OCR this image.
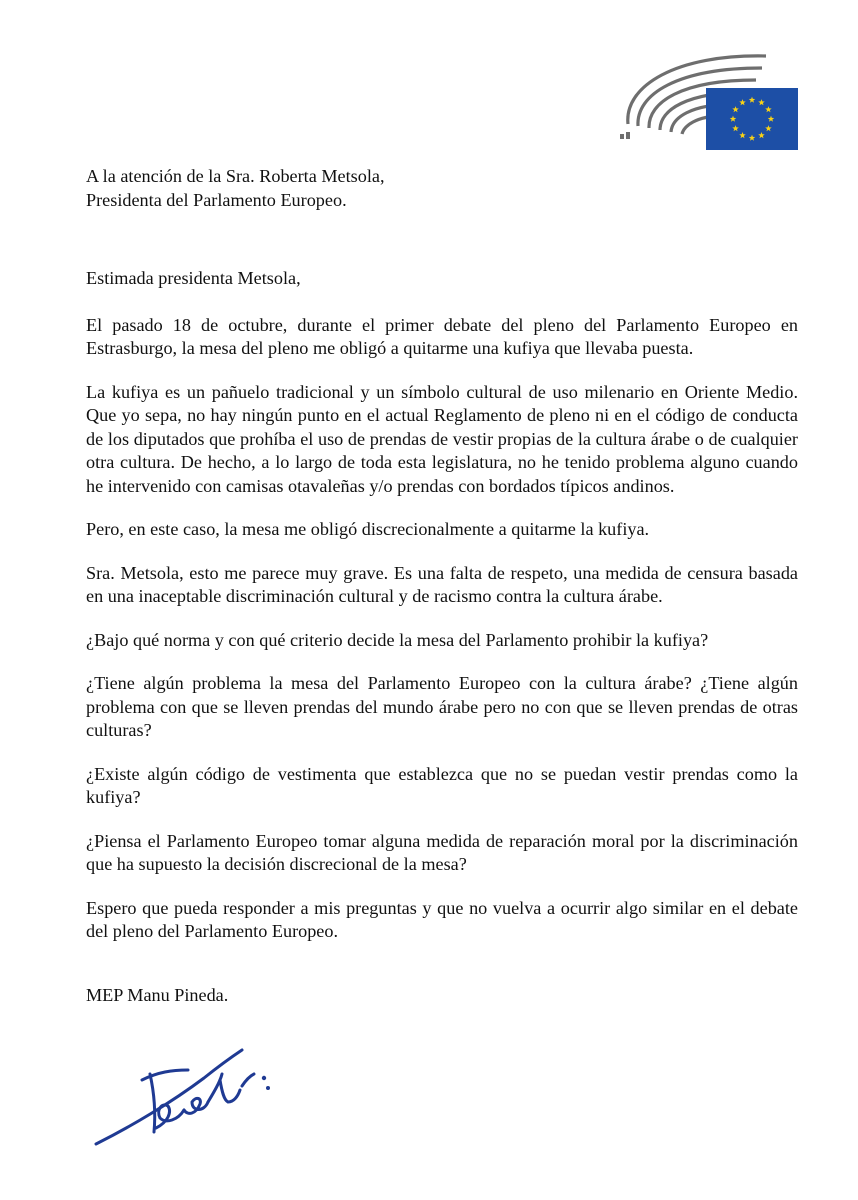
A la atención de la Sra. Roberta Metsola,

Presidenta del Parlamento Europeo.

Estimada presidenta Metsola,

El pasado 18 de octubre, durante el primer debate del pleno del Parlamento Europeo en Estrasburgo, la mesa del pleno me obligó a quitarme una kufiya que llevaba puesta.

La kufiya es un pañuelo tradicional y un símbolo cultural de uso milenario en Oriente Medio. Que yo sepa, no hay ningún punto en el actual Reglamento de pleno ni en el código de conducta de los diputados que prohíba el uso de prendas de vestir propias de la cultura árabe o de cualquier otra cultura. De hecho, a lo largo de toda esta legislatura, no he tenido problema alguno cuando he intervenido con camisas otavaleñas y/o prendas con bordados típicos andinos.

Pero, en este caso, la mesa me obligó discrecionalmente a quitarme la kufiya.

Sra. Metsola, esto me parece muy grave. Es una falta de respeto, una medida de censura basada en una inaceptable discriminación cultural y de racismo contra la cultura árabe.

¿Bajo qué norma y con qué criterio decide la mesa del Parlamento prohibir la kufiya?

¿Tiene algún problema la mesa del Parlamento Europeo con la cultura árabe? ¿Tiene algún problema con que se lleven prendas del mundo árabe pero no con que se lleven prendas de otras culturas?

¿Existe algún código de vestimenta que establezca que no se puedan vestir prendas como la kufiya?

¿Piensa el Parlamento Europeo tomar alguna medida de reparación moral por la discriminación que ha supuesto la decisión discrecional de la mesa?

Espero que pueda responder a mis preguntas y que no vuelva a ocurrir algo similar en el debate del pleno del Parlamento Europeo.

MEP Manu Pineda.
